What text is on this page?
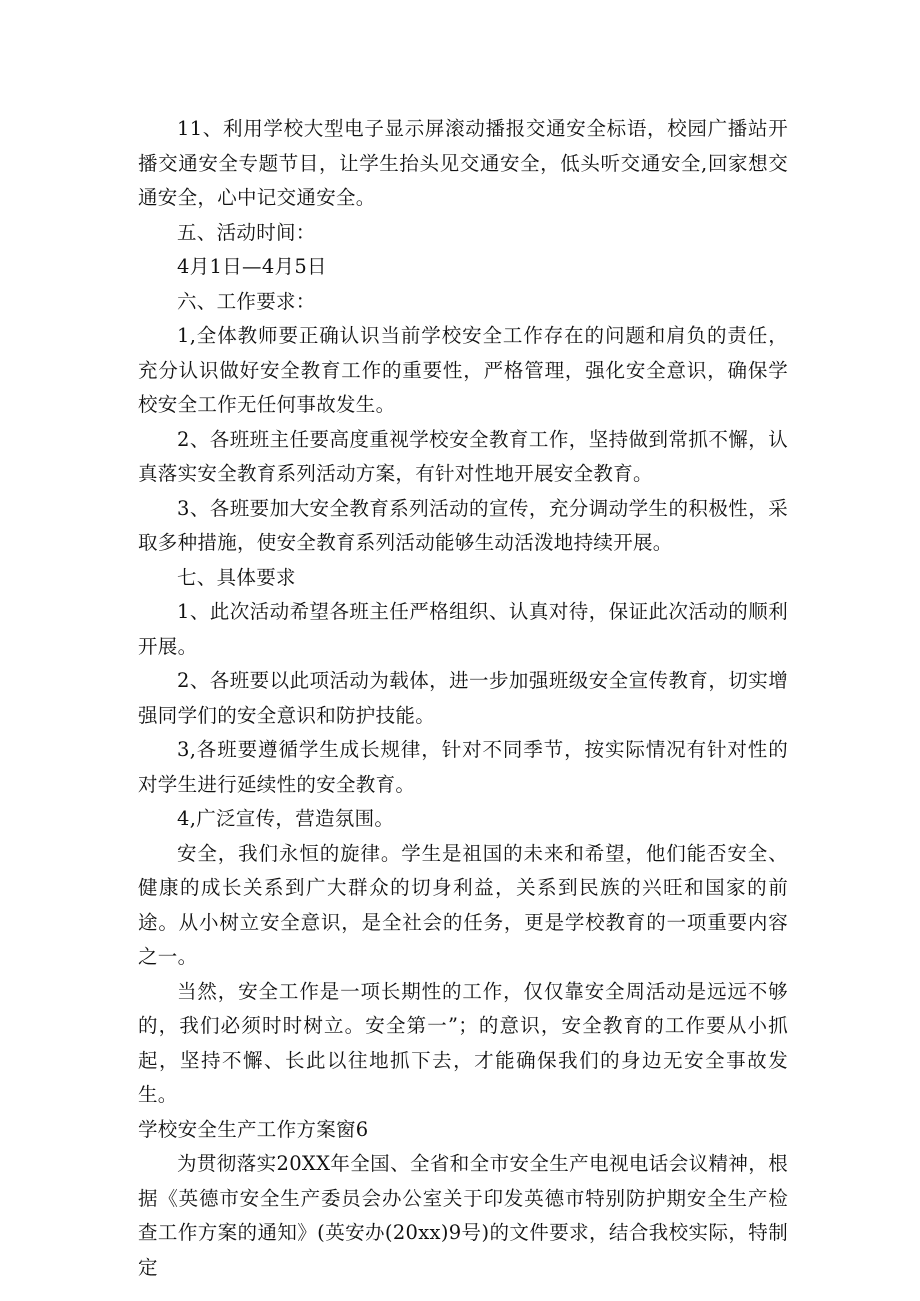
11、利用学校大型电子显示屏滚动播报交通安全标语，校园广播站开播交通安全专题节目，让学生抬头见交通安全，低头听交通安全,回家想交通安全，心中记交通安全。

五、活动时间：

4月1日—4月5日

六、工作要求：

1,全体教师要正确认识当前学校安全工作存在的问题和肩负的责任，充分认识做好安全教育工作的重要性，严格管理，强化安全意识，确保学校安全工作无任何事故发生。

2、各班班主任要高度重视学校安全教育工作，坚持做到常抓不懈，认真落实安全教育系列活动方案，有针对性地开展安全教育。

3、各班要加大安全教育系列活动的宣传，充分调动学生的积极性，采取多种措施，使安全教育系列活动能够生动活泼地持续开展。

七、具体要求

1、此次活动希望各班主任严格组织、认真对待，保证此次活动的顺利开展。

2、各班要以此项活动为载体，进一步加强班级安全宣传教育，切实增强同学们的安全意识和防护技能。

3,各班要遵循学生成长规律，针对不同季节，按实际情况有针对性的对学生进行延续性的安全教育。

4,广泛宣传，营造氛围。

安全，我们永恒的旋律。学生是祖国的未来和希望，他们能否安全、健康的成长关系到广大群众的切身利益，关系到民族的兴旺和国家的前途。从小树立安全意识，是全社会的任务，更是学校教育的一项重要内容之一。

当然，安全工作是一项长期性的工作，仅仅靠安全周活动是远远不够的，我们必须时时树立。安全第一”；的意识，安全教育的工作要从小抓起，坚持不懈、长此以往地抓下去，才能确保我们的身边无安全事故发生。

学校安全生产工作方案窗6

为贯彻落实20XX年全国、全省和全市安全生产电视电话会议精神，根据《英德市安全生产委员会办公室关于印发英德市特别防护期安全生产检查工作方案的通知》(英安办(20xx)9号)的文件要求，结合我校实际，特制定
